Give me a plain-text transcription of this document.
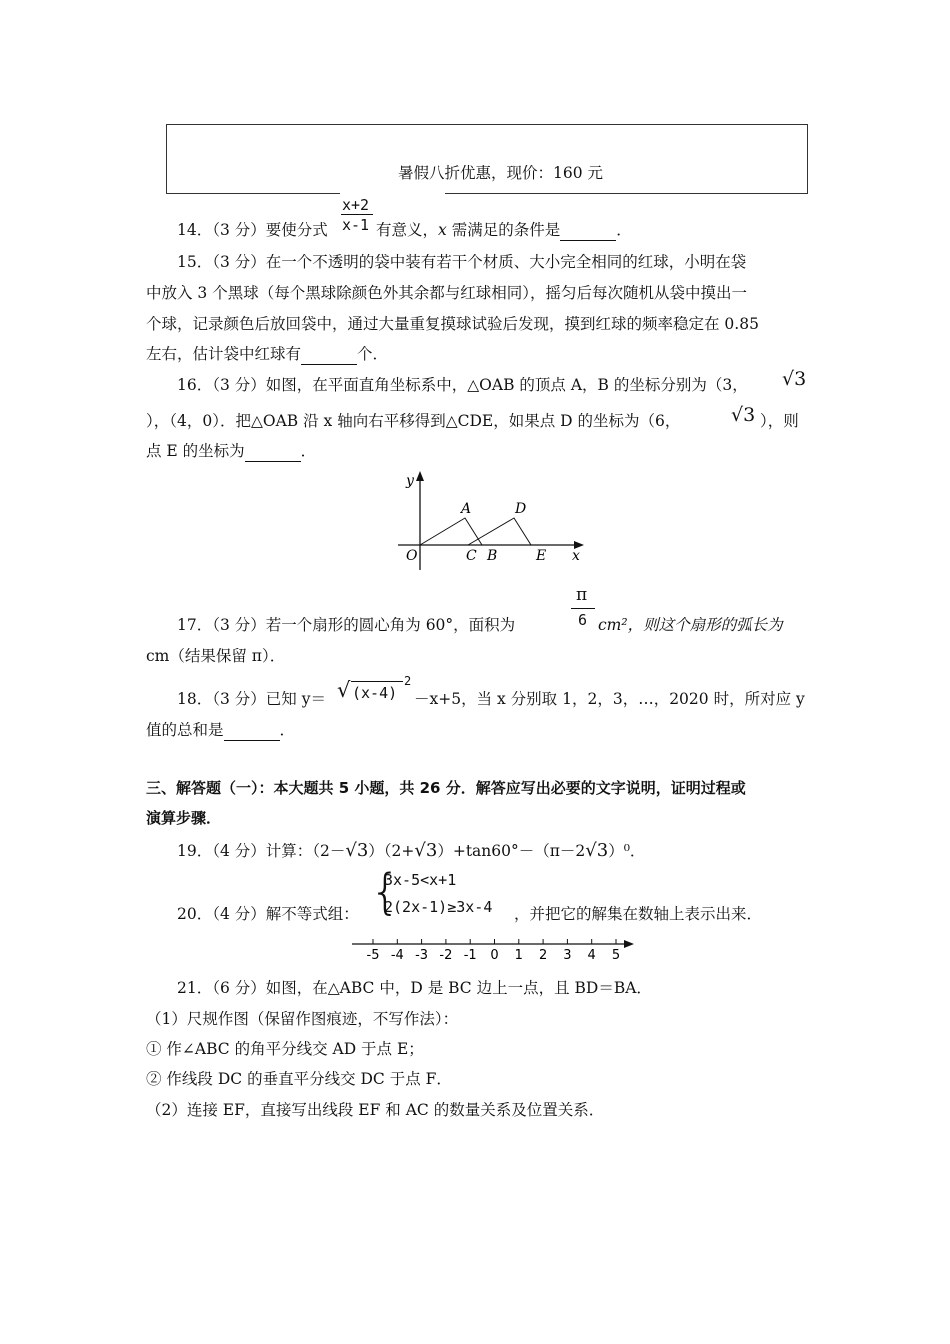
暑假八折优惠，现价：160 元
x+2
x-1
14．（3 分）要使分式	有意义，x 需满足的条件是	．
15．（3 分）在一个不透明的袋中装有若干个材质、大小完全相同的红球，小明在袋
中放入 3 个黑球（每个黑球除颜色外其余都与红球相同），摇匀后每次随机从袋中摸出一
个球，记录颜色后放回袋中，通过大量重复摸球试验后发现，摸到红球的频率稳定在 0.85
左右，估计袋中红球有	个．
16．（3 分）如图，在平面直角坐标系中，△OAB 的顶点 A，B 的坐标分别为（3， √3
），（4，0）．把△OAB 沿 x 轴向右平移得到△CDE，如果点 D 的坐标为（6，	√3 ），则
点 E 的坐标为	．
y
x
O
A
B
C
D
E
π
6
17．（3 分）若一个扇形的圆心角为 60°，面积为	cm²，则这个扇形的弧长为
cm（结果保留 π）．
18．（3 分）已知 y＝ √ (x-4)
2
－x+5，当 x 分别取 1，2，3，…，2020 时，所对应 y
值的总和是	．
三、解答题（一）：本大题共 5 小题，共 26 分．解答应写出必要的文字说明，证明过程或
演算步骤．
19．（4 分）计算：（2－√3）（2+√3）+tan60°－（π－2√3）⁰．
{
3x-5<x+1
2(2x-1)≥3x-4
20．（4 分）解不等式组：	，并把它的解集在数轴上表示出来．
-5 -4 -3 -2 -1 0 1 2 3 4 5
21．（6 分）如图，在△ABC 中，D 是 BC 边上一点，且 BD＝BA．
（1）尺规作图（保留作图痕迹，不写作法）：
① 作∠ABC 的角平分线交 AD 于点 E；
② 作线段 DC 的垂直平分线交 DC 于点 F．
（2）连接 EF，直接写出线段 EF 和 AC 的数量关系及位置关系．
